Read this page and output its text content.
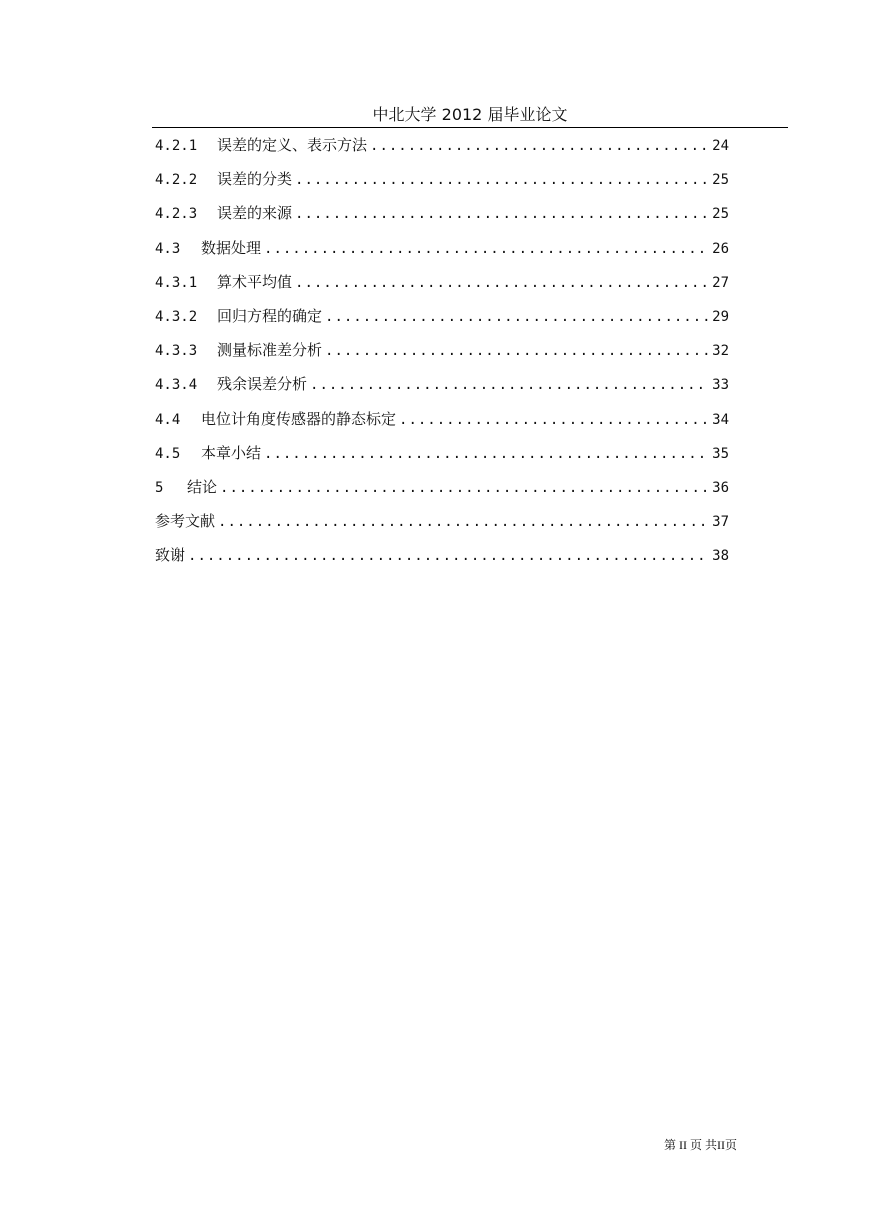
中北大学 2012 届毕业论文
4.2.1	误差的定义、表示方法 .....	24
4.2.2	误差的分类 .....	25
4.2.3	误差的来源 .....	25
4.3	数据处理 .....	26
4.3.1	算术平均值 .....	27
4.3.2	回归方程的确定 .....	29
4.3.3	测量标准差分析 .....	32
4.3.4	残余误差分析 .....	33
4.4	电位计角度传感器的静态标定 .....	34
4.5	本章小结 .....	35
5	结论 .....	36
参考文献 .....	37
致谢 .....	38
第 II 页 共II页
